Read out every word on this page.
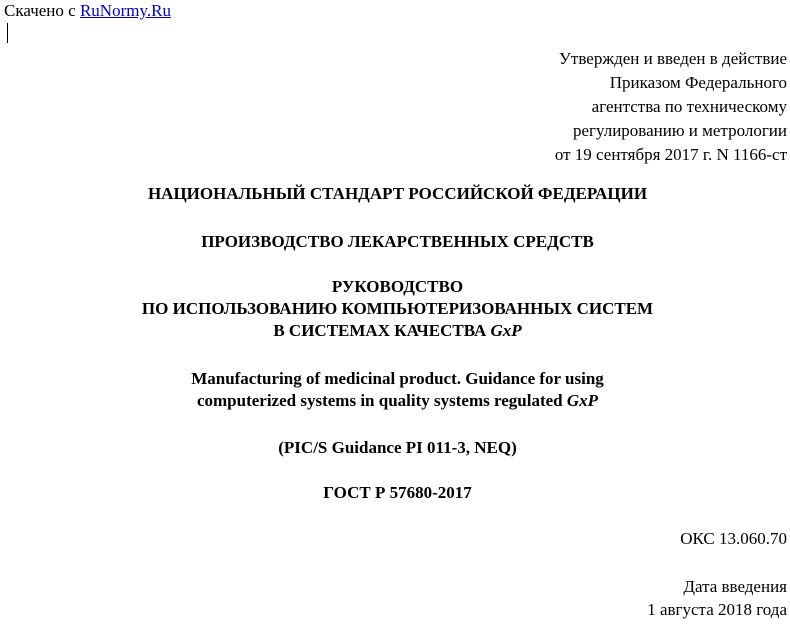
Скачено с RuNormy.Ru
Утвержден и введен в действие
Приказом Федерального
агентства по техническому
регулированию и метрологии
от 19 сентября 2017 г. N 1166-ст
НАЦИОНАЛЬНЫЙ СТАНДАРТ РОССИЙСКОЙ ФЕДЕРАЦИИ
ПРОИЗВОДСТВО ЛЕКАРСТВЕННЫХ СРЕДСТВ
РУКОВОДСТВО
ПО ИСПОЛЬЗОВАНИЮ КОМПЬЮТЕРИЗОВАННЫХ СИСТЕМ
В СИСТЕМАХ КАЧЕСТВА GxP
Manufacturing of medicinal product. Guidance for using
computerized systems in quality systems regulated GxP
(PIC/S Guidance PI 011-3, NEQ)
ГОСТ Р 57680-2017
ОКС 13.060.70
Дата введения
1 августа 2018 года
